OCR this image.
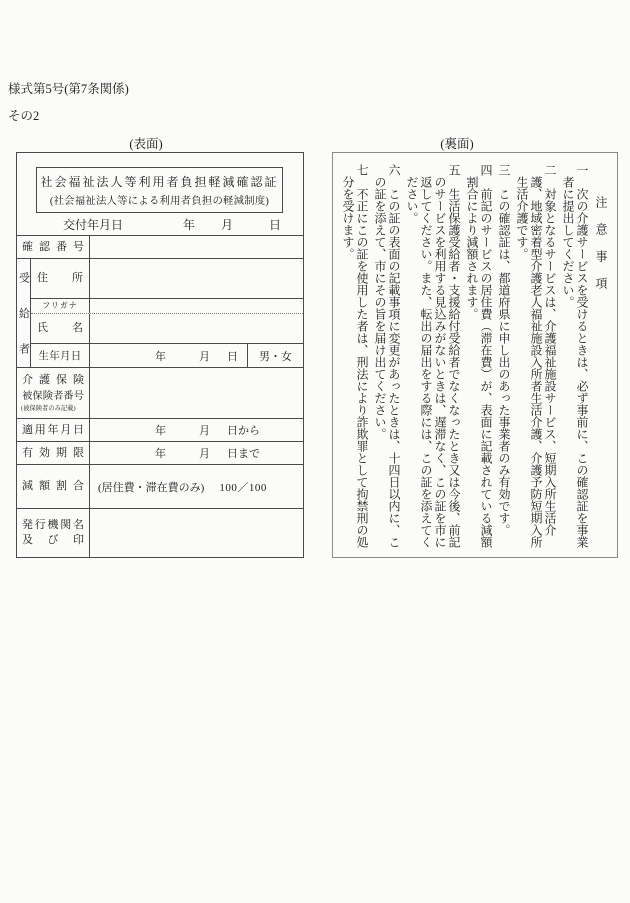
様式第5号(第7条関係)
その2
(表面)	(裏面)
社会福祉法人等利用者負担軽減確認証
(社会福祉法人等による利用者負担の軽減制度)
交付年月日	年 月	日
確認番号
受給者 住所
フリガナ
氏名
生年月日	年	月 日	男・女
介護保険
被保険者番号
(被保険者のみ記載)
適用年月日	年	月 日から
有効期限	年	月 日まで
減額割合	(居住費・滞在費のみ) 100／100
発行機関名
及び印

注意事項

一　次の介護サービスを受けるときは、必ず事前に、この確認証を事業者に提出してください。

二　対象となるサービスは、介護福祉施設サービス、短期入所生活介護、地域密着型介護老人福祉施設入所者生活介護、介護予防短期入所生活介護です。

三　この確認証は、都道府県に申し出のあった事業者のみ有効です。

四　前記のサービスの居住費（滞在費）が、表面に記載されている減額割合により減額されます。

五　生活保護受給者・支援給付受給者でなくなったとき又は今後、前記のサービスを利用する見込みがないときは、遅滞なく、この証を市に返してください。また、転出の届出をする際には、この証を添えてください。

六　この証の表面の記載事項に変更があったときは、十四日以内に、この証を添えて、市にその旨を届け出てください。

七　不正にこの証を使用した者は、刑法により詐欺罪として拘禁刑の処分を受けます。
